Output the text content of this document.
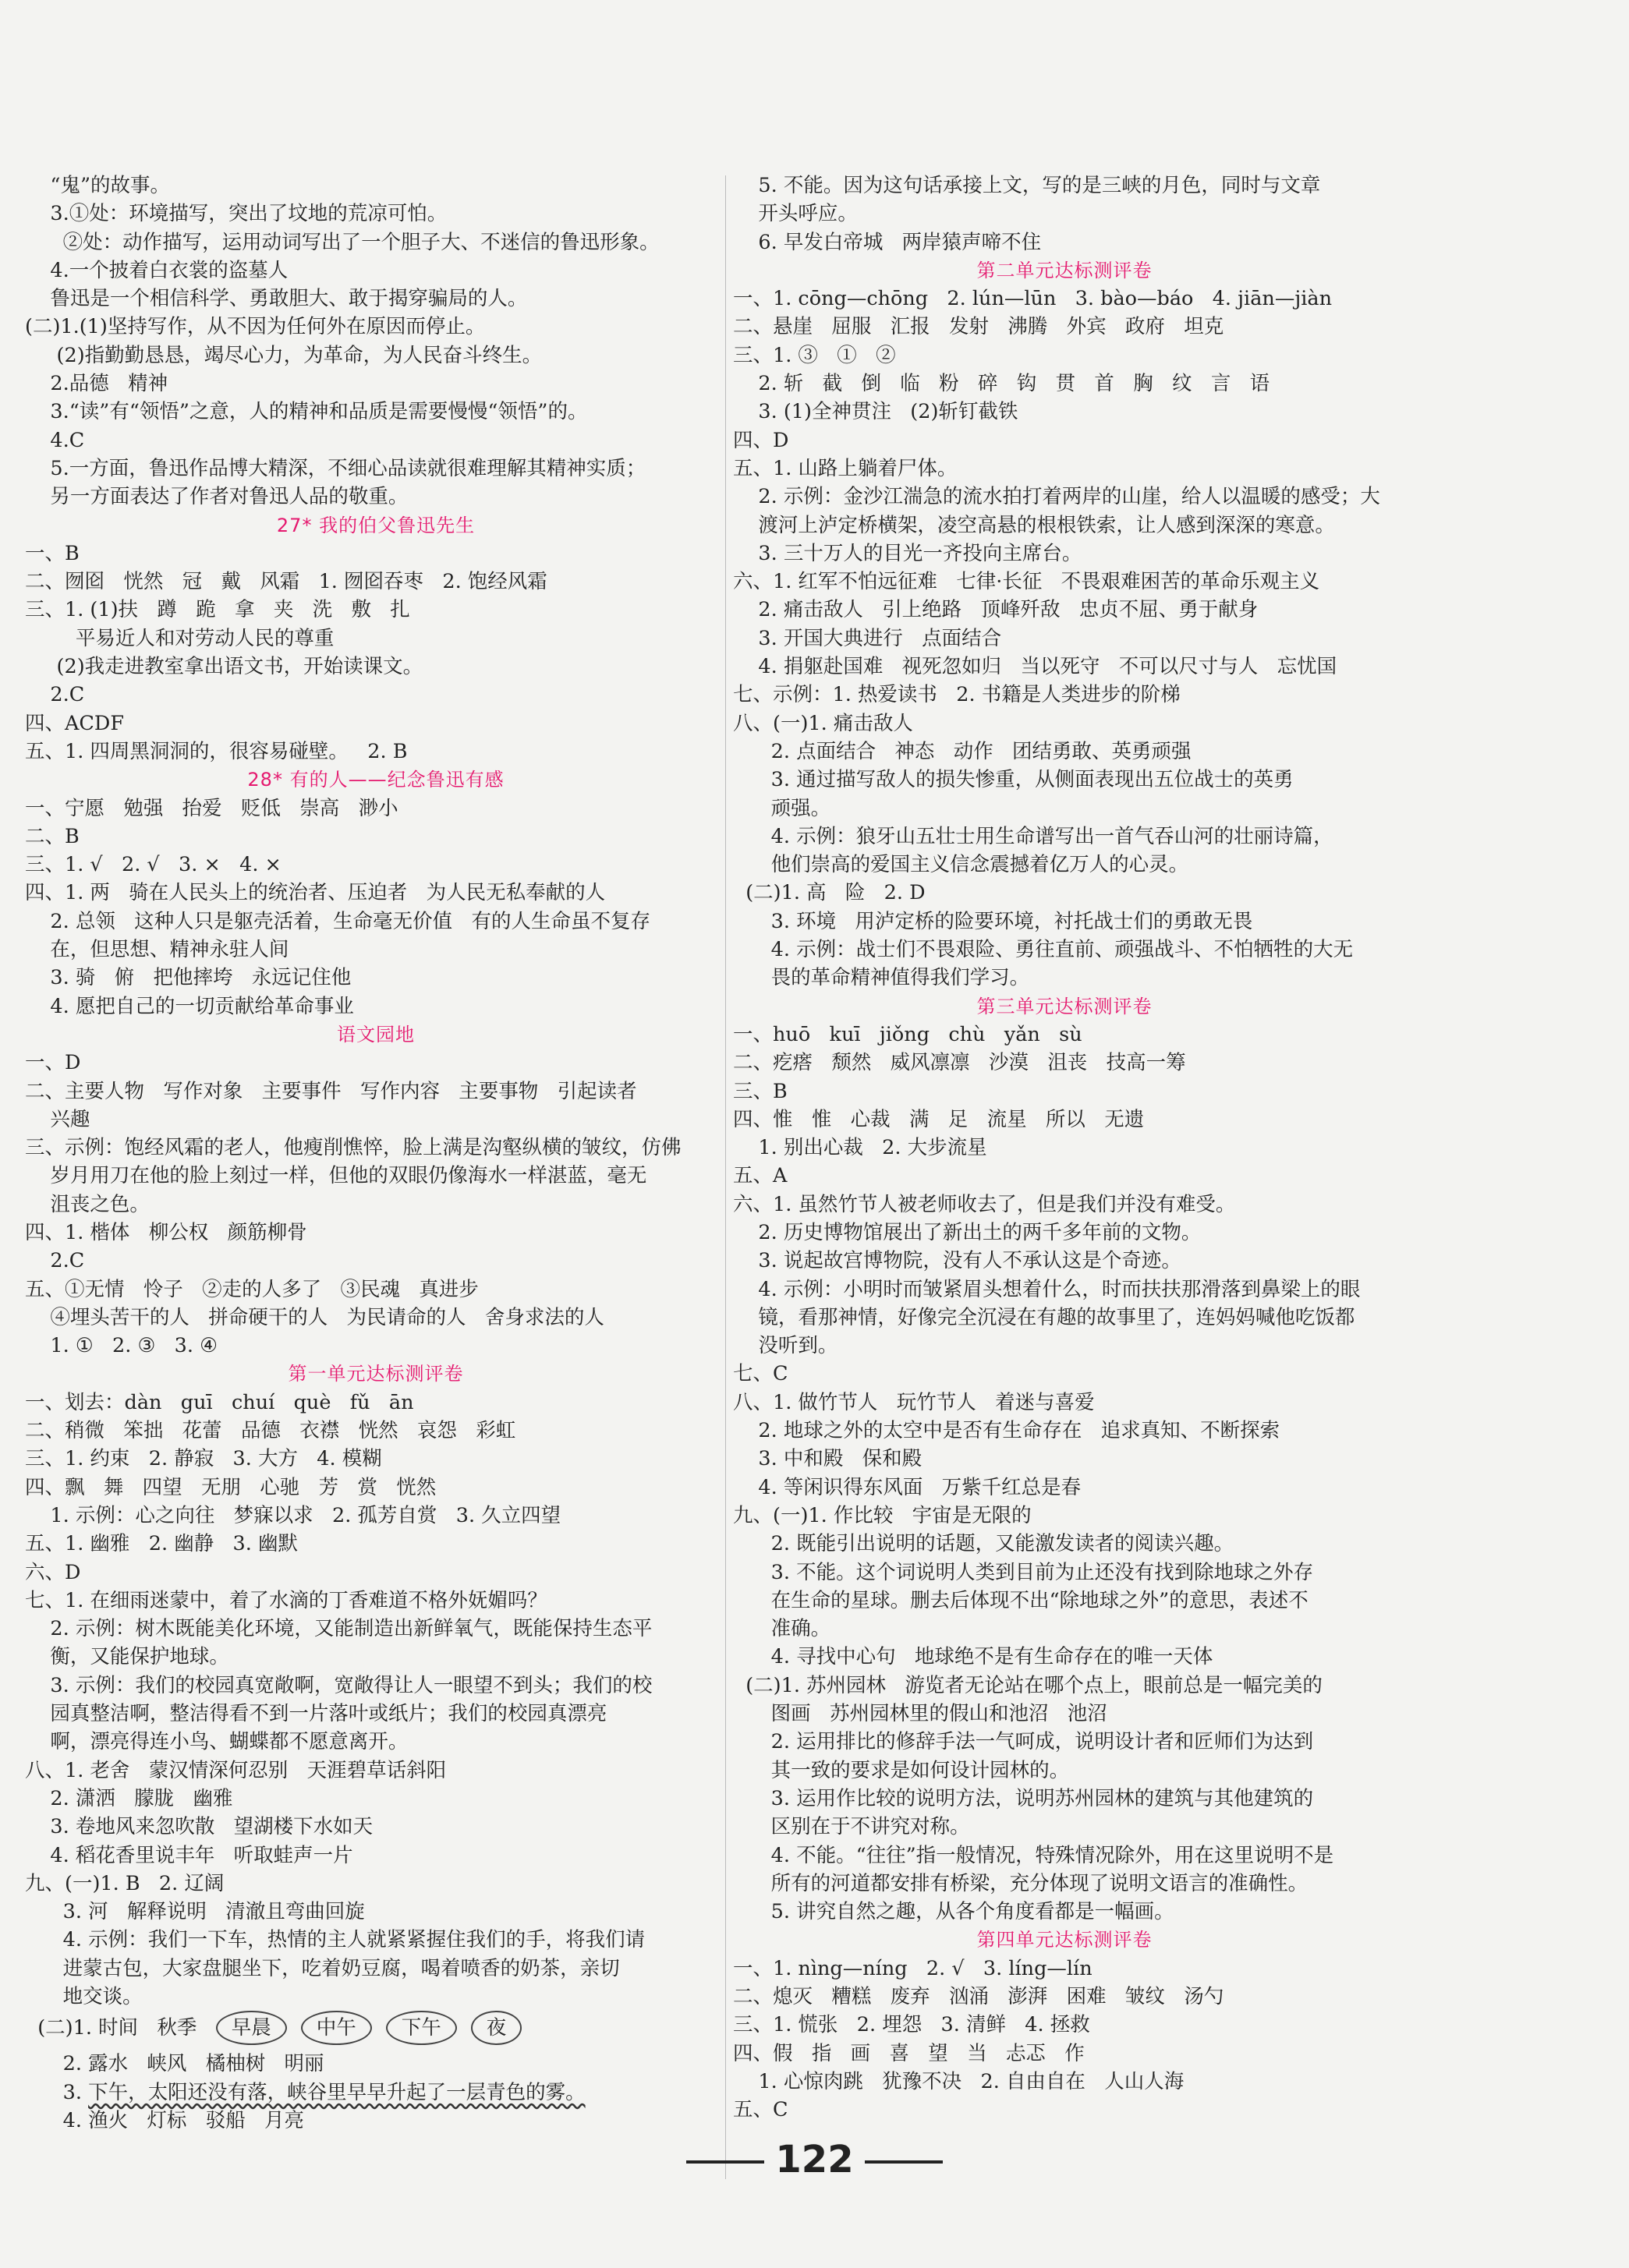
“鬼”的故事。
3.①处：环境描写，突出了坟地的荒凉可怕。
②处：动作描写，运用动词写出了一个胆子大、不迷信的鲁迅形象。
4.一个披着白衣裳的盗墓人
鲁迅是一个相信科学、勇敢胆大、敢于揭穿骗局的人。
(二)1.(1)坚持写作，从不因为任何外在原因而停止。
(2)指勤勤恳恳，竭尽心力，为革命，为人民奋斗终生。
2.品德   精神
3.“读”有“领悟”之意，人的精神和品质是需要慢慢“领悟”的。
4.C
5.一方面，鲁迅作品博大精深，不细心品读就很难理解其精神实质；
另一方面表达了作者对鲁迅人品的敬重。
27* 我的伯父鲁迅先生
一、B
二、囫囵   恍然   冠   戴   风霜   1. 囫囵吞枣   2. 饱经风霜
三、1. (1)扶   蹲   跪   拿   夹   洗   敷   扎
平易近人和对劳动人民的尊重
(2)我走进教室拿出语文书，开始读课文。
2.C
四、ACDF
五、1. 四周黑洞洞的，很容易碰壁。   2. B
28* 有的人——纪念鲁迅有感
一、宁愿   勉强   抬爱   贬低   崇高   渺小
二、B
三、1. √   2. √   3. ×   4. ×
四、1. 两   骑在人民头上的统治者、压迫者   为人民无私奉献的人
2. 总领   这种人只是躯壳活着，生命毫无价值   有的人生命虽不复存
在，但思想、精神永驻人间
3. 骑   俯   把他摔垮   永远记住他
4. 愿把自己的一切贡献给革命事业
语文园地
一、D
二、主要人物   写作对象   主要事件   写作内容   主要事物   引起读者
兴趣
三、示例：饱经风霜的老人，他瘦削憔悴，脸上满是沟壑纵横的皱纹，仿佛
岁月用刀在他的脸上刻过一样，但他的双眼仍像海水一样湛蓝，毫无
沮丧之色。
四、1. 楷体   柳公权   颜筋柳骨
2.C
五、①无情   怜子   ②走的人多了   ③民魂   真进步
④埋头苦干的人   拼命硬干的人   为民请命的人   舍身求法的人
1. ①   2. ③   3. ④
第一单元达标测评卷
一、划去：dàn   guī   chuí   què   fǔ   ān
二、稍微   笨拙   花蕾   品德   衣襟   恍然   哀怨   彩虹
三、1. 约束   2. 静寂   3. 大方   4. 模糊
四、飘   舞   四望   无朋   心驰   芳   赏   恍然
1. 示例：心之向往   梦寐以求   2. 孤芳自赏   3. 久立四望
五、1. 幽雅   2. 幽静   3. 幽默
六、D
七、1. 在细雨迷蒙中，着了水滴的丁香难道不格外妩媚吗？
2. 示例：树木既能美化环境，又能制造出新鲜氧气，既能保持生态平
衡，又能保护地球。
3. 示例：我们的校园真宽敞啊，宽敞得让人一眼望不到头；我们的校
园真整洁啊，整洁得看不到一片落叶或纸片；我们的校园真漂亮
啊，漂亮得连小鸟、蝴蝶都不愿意离开。
八、1. 老舍   蒙汉情深何忍别   天涯碧草话斜阳
2. 潇洒   朦胧   幽雅
3. 卷地风来忽吹散   望湖楼下水如天
4. 稻花香里说丰年   听取蛙声一片
九、(一)1. B   2. 辽阔
3. 河   解释说明   清澈且弯曲回旋
4. 示例：我们一下车，热情的主人就紧紧握住我们的手，将我们请
进蒙古包，大家盘腿坐下，吃着奶豆腐，喝着喷香的奶茶，亲切
地交谈。
(二)1. 时间   秋季   早晨 中午 下午 夜
2. 露水   峡风   橘柚树   明丽
3. 下午，太阳还没有落，峡谷里早早升起了一层青色的雾。
4. 渔火   灯标   驳船   月亮
5. 不能。因为这句话承接上文，写的是三峡的月色，同时与文章
开头呼应。
6. 早发白帝城   两岸猿声啼不住
第二单元达标测评卷
一、1. cōng—chōng   2. lún—lūn   3. bào—báo   4. jiān—jiàn
二、悬崖   屈服   汇报   发射   沸腾   外宾   政府   坦克
三、1. ③   ①   ②
2. 斩   截   倒   临   粉   碎   钩   贯   首   胸   纹   言   语
3. (1)全神贯注   (2)斩钉截铁
四、D
五、1. 山路上躺着尸体。
2. 示例：金沙江湍急的流水拍打着两岸的山崖，给人以温暖的感受；大
渡河上泸定桥横架，凌空高悬的根根铁索，让人感到深深的寒意。
3. 三十万人的目光一齐投向主席台。
六、1. 红军不怕远征难   七律·长征   不畏艰难困苦的革命乐观主义
2. 痛击敌人   引上绝路   顶峰歼敌   忠贞不屈、勇于献身
3. 开国大典进行   点面结合
4. 捐躯赴国难   视死忽如归   当以死守   不可以尺寸与人   忘忧国
七、示例：1. 热爱读书   2. 书籍是人类进步的阶梯
八、(一)1. 痛击敌人
2. 点面结合   神态   动作   团结勇敢、英勇顽强
3. 通过描写敌人的损失惨重，从侧面表现出五位战士的英勇
顽强。
4. 示例：狼牙山五壮士用生命谱写出一首气吞山河的壮丽诗篇，
他们崇高的爱国主义信念震撼着亿万人的心灵。
(二)1. 高   险   2. D
3. 环境   用泸定桥的险要环境，衬托战士们的勇敢无畏
4. 示例：战士们不畏艰险、勇往直前、顽强战斗、不怕牺牲的大无
畏的革命精神值得我们学习。
第三单元达标测评卷
一、huō   kuī   jiǒng   chù   yǎn   sù
二、疙瘩   颓然   威风凛凛   沙漠   沮丧   技高一筹
三、B
四、惟   惟   心裁   满   足   流星   所以   无遗
1. 别出心裁   2. 大步流星
五、A
六、1. 虽然竹节人被老师收去了，但是我们并没有难受。
2. 历史博物馆展出了新出土的两千多年前的文物。
3. 说起故宫博物院，没有人不承认这是个奇迹。
4. 示例：小明时而皱紧眉头想着什么，时而扶扶那滑落到鼻梁上的眼
镜，看那神情，好像完全沉浸在有趣的故事里了，连妈妈喊他吃饭都
没听到。
七、C
八、1. 做竹节人   玩竹节人   着迷与喜爱
2. 地球之外的太空中是否有生命存在   追求真知、不断探索
3. 中和殿   保和殿
4. 等闲识得东风面   万紫千红总是春
九、(一)1. 作比较   宇宙是无限的
2. 既能引出说明的话题，又能激发读者的阅读兴趣。
3. 不能。这个词说明人类到目前为止还没有找到除地球之外存
在生命的星球。删去后体现不出“除地球之外”的意思，表述不
准确。
4. 寻找中心句   地球绝不是有生命存在的唯一天体
(二)1. 苏州园林   游览者无论站在哪个点上，眼前总是一幅完美的
图画   苏州园林里的假山和池沼   池沼
2. 运用排比的修辞手法一气呵成，说明设计者和匠师们为达到
其一致的要求是如何设计园林的。
3. 运用作比较的说明方法，说明苏州园林的建筑与其他建筑的
区别在于不讲究对称。
4. 不能。“往往”指一般情况，特殊情况除外，用在这里说明不是
所有的河道都安排有桥梁，充分体现了说明文语言的准确性。
5. 讲究自然之趣，从各个角度看都是一幅画。
第四单元达标测评卷
一、1. nìng—níng   2. √   3. líng—lín
二、熄灭   糟糕   废弃   汹涌   澎湃   困难   皱纹   汤勺
三、1. 慌张   2. 埋怨   3. 清鲜   4. 拯救
四、假   指   画   喜   望   当   忐忑   作
1. 心惊肉跳   犹豫不决   2. 自由自在   人山人海
五、C
122
